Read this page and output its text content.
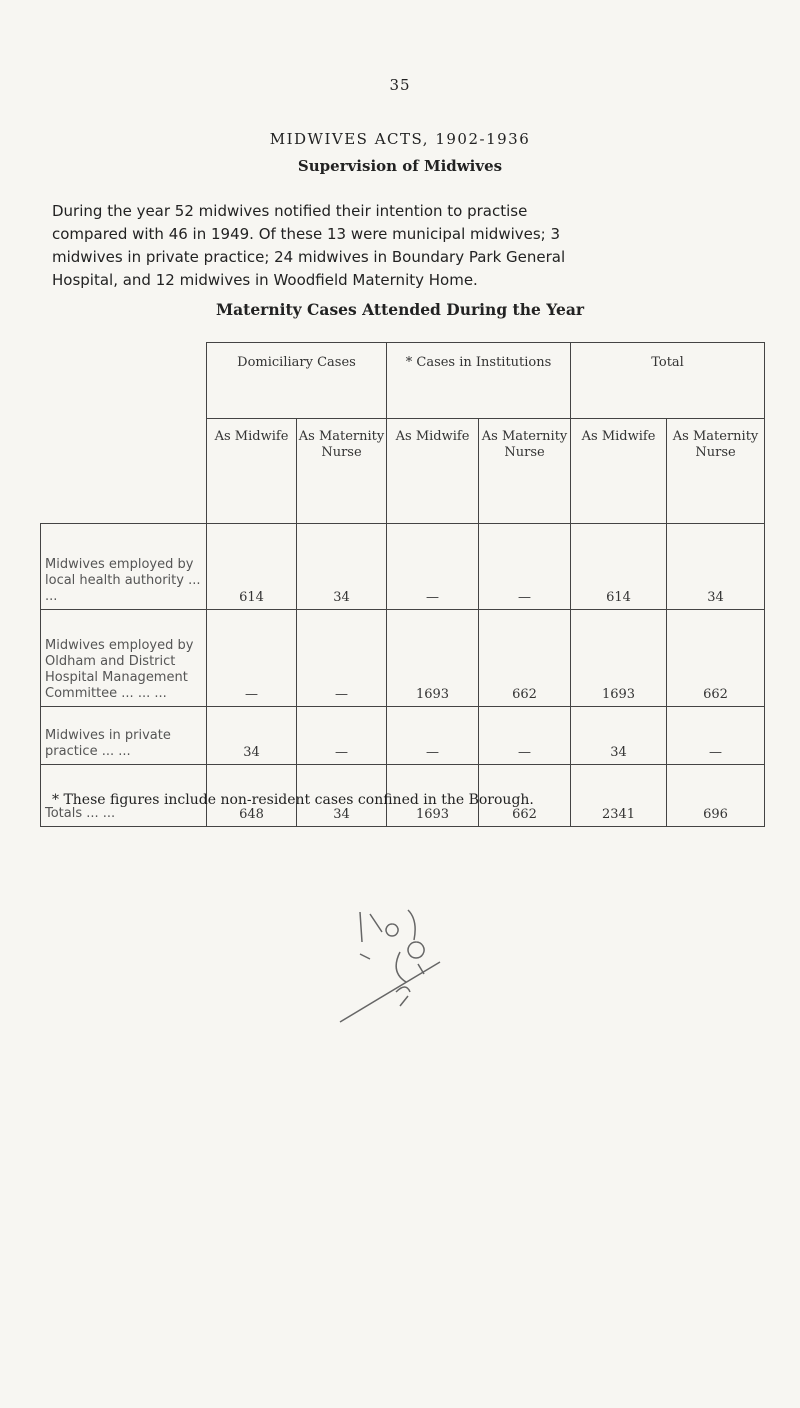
35
MIDWIVES ACTS, 1902-1936
Supervision of Midwives
During the year 52 midwives notified their intention to practise
compared with 46 in 1949. Of these 13 were municipal midwives; 3
midwives in private practice; 24 midwives in Boundary Park General
Hospital, and 12 midwives in Woodfield Maternity Home.
Maternity Cases Attended During the Year
	Domiciliary Cases		* Cases in Institutions		Total	
	As Midwife	As Maternity Nurse	As Midwife	As Maternity Nurse	As Midwife	As Maternity Nurse
Midwives employed by local health authority ... ...	614	34	—	—	614	34
Midwives employed by Oldham and District Hospital Management Committee ... ... ...	—	—	1693	662	1693	662
Midwives in private practice ... ...	34	—	—	—	34	—
Totals ... ...	648	34	1693	662	2341	696
* These figures include non-resident cases confined in the Borough.
